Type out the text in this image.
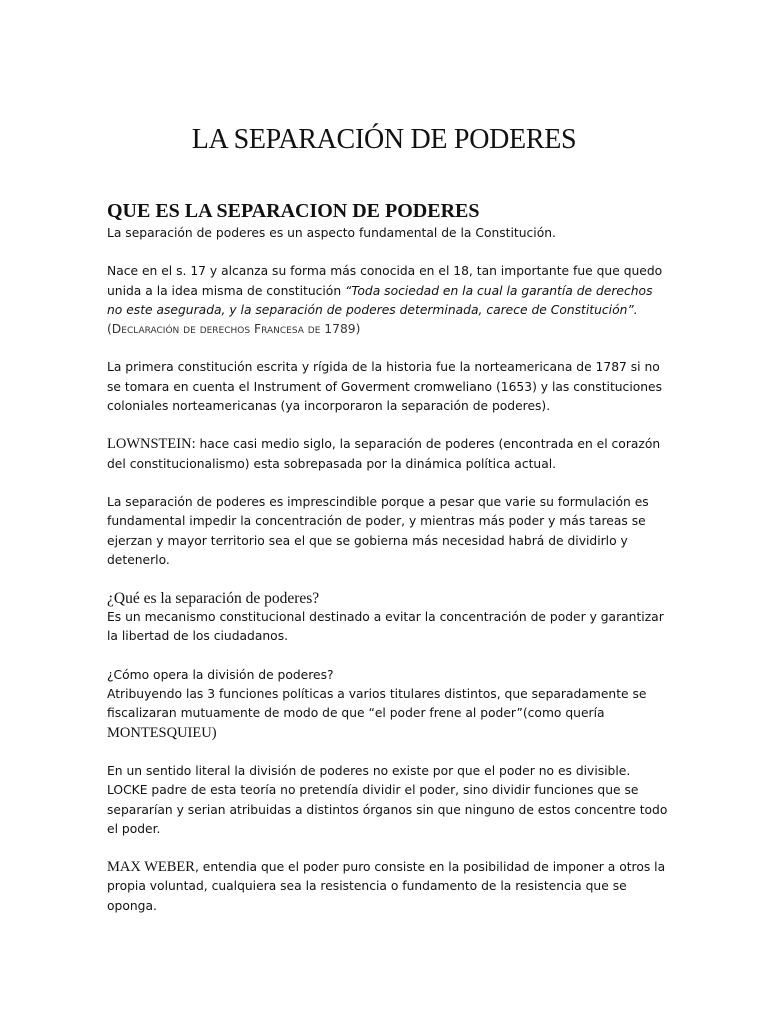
LA SEPARACIÓN DE PODERES
QUE ES LA SEPARACION DE PODERES

La separación de poderes es un aspecto fundamental de la Constitución.

Nace en el s. 17 y alcanza su forma más conocida en el 18, tan importante fue que quedo
unida a la idea misma de constitución “Toda sociedad en la cual la garantía de derechos
no este asegurada, y la separación de poderes determinada, carece de Constitución”.
(Declaración de derechos Francesa de 1789)
La primera constitución escrita y rígida de la historia fue la norteamericana de 1787 si no
se tomara en cuenta el Instrument of Goverment cromweliano (1653) y las constituciones
coloniales norteamericanas (ya incorporaron la separación de poderes).
LOWNSTEIN: hace casi medio siglo, la separación de poderes (encontrada en el corazón
del constitucionalismo) esta sobrepasada por la dinámica política actual.
La separación de poderes es imprescindible porque a pesar que varie su formulación es
fundamental impedir la concentración de poder, y mientras más poder y más tareas se
ejerzan y mayor territorio sea el que se gobierna más necesidad habrá de dividirlo y
detenerlo.
¿Qué es la separación de poderes?
Es un mecanismo constitucional destinado a evitar la concentración de poder y garantizar
la libertad de los ciudadanos.
¿Cómo opera la división de poderes?
Atribuyendo las 3 funciones políticas a varios titulares distintos, que separadamente se
fiscalizaran mutuamente de modo de que “el poder frene al poder”(como quería
MONTESQUIEU)
En un sentido literal la división de poderes no existe por que el poder no es divisible.
LOCKE padre de esta teoría no pretendía dividir el poder, sino dividir funciones que se
separarían y serian atribuidas a distintos órganos sin que ninguno de estos concentre todo
el poder.
MAX WEBER, entendia que el poder puro consiste en la posibilidad de imponer a otros la
propia voluntad, cualquiera sea la resistencia o fundamento de la resistencia que se
oponga.
